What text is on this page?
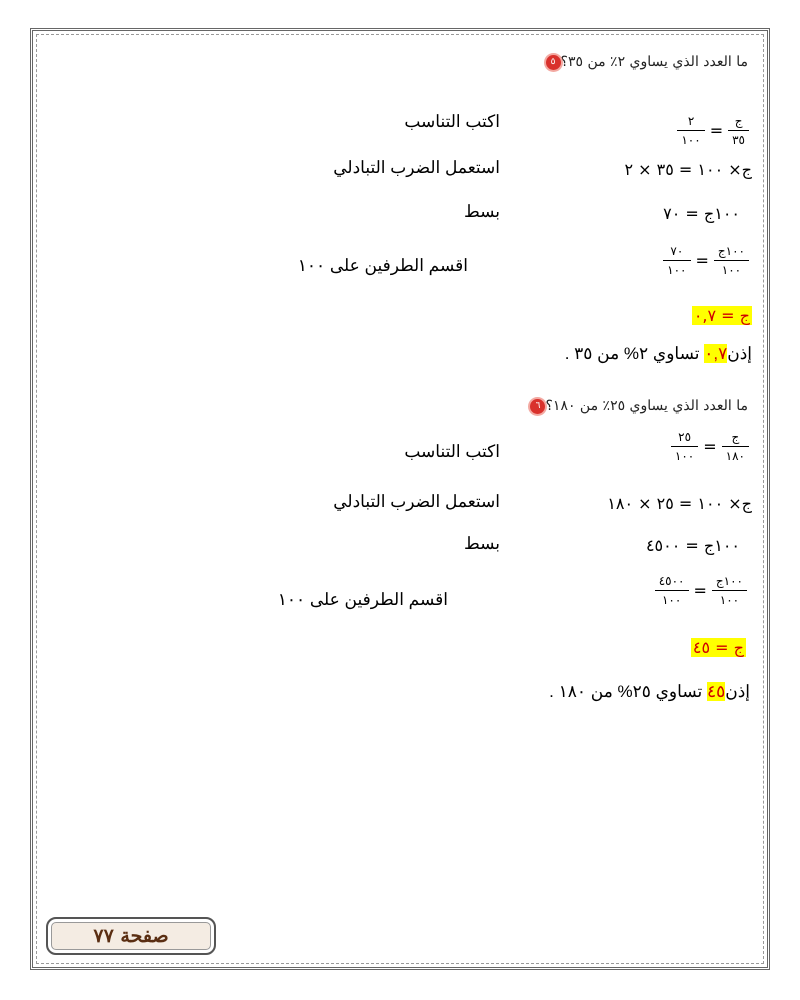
٥ ما العدد الذي يساوي ٢٪ من ٣٥؟
$\frac{\text{ج}}{٣٥}$
=
$\frac{٢}{١٠٠}$
اكتب التناسب
ج× ١٠٠ = ٣٥ × ٢
استعمل الضرب التبادلي
١٠٠ج = ٧٠
بسط
$\frac{\text{١٠٠ج}}{١٠٠}$
=
$\frac{٧٠}{١٠٠}$
اقسم الطرفين على ١٠٠
ج = ٠,٧
إذن٠,٧ تساوي ٢% من ٣٥ .
٦ ما العدد الذي يساوي ٢٥٪ من ١٨٠؟
$\frac{\text{ج}}{١٨٠}$
=
$\frac{٢٥}{١٠٠}$
اكتب التناسب
ج× ١٠٠ = ٢٥ × ١٨٠
استعمل الضرب التبادلي
١٠٠ج = ٤٥٠٠
بسط
$\frac{\text{١٠٠ج}}{١٠٠}$
=
$\frac{٤٥٠٠}{١٠٠}$
اقسم الطرفين على ١٠٠
ج = ٤٥
إذن٤٥ تساوي ٢٥% من ١٨٠ .
صفحة ٧٧
